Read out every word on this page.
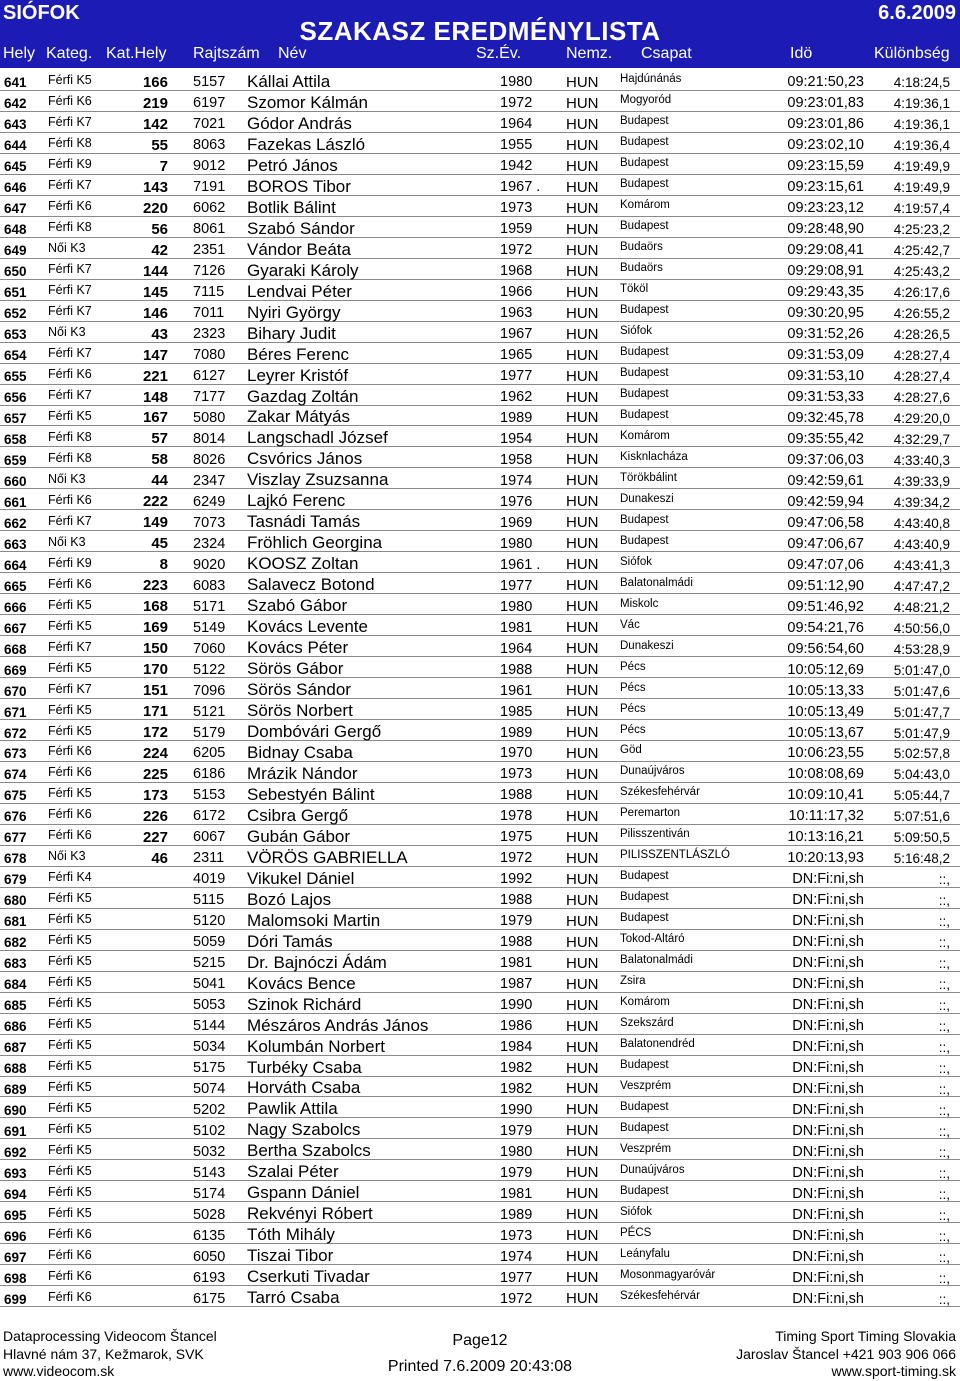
SIÓFOK	6.6.2009
SZAKASZ EREDMÉNYLISTA
Hely Kateg. Kat.Hely Rajtszám Név	Sz.Év.	Nemz. Csapat	Idö	Különbség
641	Férfi K5	166 5157 Kállai Attila	1980 HUN Hajdúnánás	09:21:50,23	4:18:24,5
642	Férfi K6	219 6197 Szomor Kálmán	1972 HUN Mogyoród	09:23:01,83	4:19:36,1
643	Férfi K7	142 7021 Gódor András	1964 HUN Budapest	09:23:01,86	4:19:36,1
644	Férfi K8	55 8063 Fazekas László	1955 HUN Budapest	09:23:02,10	4:19:36,4
645	Férfi K9	7 9012 Petró János	1942 HUN Budapest	09:23:15,59	4:19:49,9
646	Férfi K7	143 7191 BOROS Tibor	1967 . HUN Budapest	09:23:15,61	4:19:49,9
647	Férfi K6	220 6062 Botlik Bálint	1973 HUN Komárom	09:23:23,12	4:19:57,4
648	Férfi K8	56 8061 Szabó Sándor	1959 HUN Budapest	09:28:48,90	4:25:23,2
649	Női K3	42 2351 Vándor Beáta	1972 HUN Budaörs	09:29:08,41	4:25:42,7
650	Férfi K7	144 7126 Gyaraki Károly	1968 HUN Budaörs	09:29:08,91	4:25:43,2
651	Férfi K7	145 7115 Lendvai Péter	1966 HUN Tököl	09:29:43,35	4:26:17,6
652	Férfi K7	146 7011 Nyiri György	1963 HUN Budapest	09:30:20,95	4:26:55,2
653	Női K3	43 2323 Bihary Judit	1967 HUN Siófok	09:31:52,26	4:28:26,5
654	Férfi K7	147 7080 Béres Ferenc	1965 HUN Budapest	09:31:53,09	4:28:27,4
655	Férfi K6	221 6127 Leyrer Kristóf	1977 HUN Budapest	09:31:53,10	4:28:27,4
656	Férfi K7	148 7177 Gazdag Zoltán	1962 HUN Budapest	09:31:53,33	4:28:27,6
657	Férfi K5	167 5080 Zakar Mátyás	1989 HUN Budapest	09:32:45,78	4:29:20,0
658	Férfi K8	57 8014 Langschadl József	1954 HUN Komárom	09:35:55,42	4:32:29,7
659	Férfi K8	58 8026 Csvórics János	1958 HUN Kisknlacháza	09:37:06,03	4:33:40,3
660	Női K3	44 2347 Viszlay Zsuzsanna	1974 HUN Törökbálint	09:42:59,61	4:39:33,9
661	Férfi K6	222 6249 Lajkó Ferenc	1976 HUN Dunakeszi	09:42:59,94	4:39:34,2
662	Férfi K7	149 7073 Tasnádi Tamás	1969 HUN Budapest	09:47:06,58	4:43:40,8
663	Női K3	45 2324 Fröhlich Georgina	1980 HUN Budapest	09:47:06,67	4:43:40,9
664	Férfi K9	8 9020 KOOSZ Zoltan	1961 . HUN Siófok	09:47:07,06	4:43:41,3
665	Férfi K6	223 6083 Salavecz Botond	1977 HUN Balatonalmádi	09:51:12,90	4:47:47,2
666	Férfi K5	168 5171 Szabó Gábor	1980 HUN Miskolc	09:51:46,92	4:48:21,2
667	Férfi K5	169 5149 Kovács Levente	1981 HUN Vác	09:54:21,76	4:50:56,0
668	Férfi K7	150 7060 Kovács Péter	1964 HUN Dunakeszi	09:56:54,60	4:53:28,9
669	Férfi K5	170 5122 Sörös Gábor	1988 HUN Pécs	10:05:12,69	5:01:47,0
670	Férfi K7	151 7096 Sörös Sándor	1961 HUN Pécs	10:05:13,33	5:01:47,6
671	Férfi K5	171 5121 Sörös Norbert	1985 HUN Pécs	10:05:13,49	5:01:47,7
672	Férfi K5	172 5179 Dombóvári Gergő	1989 HUN Pécs	10:05:13,67	5:01:47,9
673	Férfi K6	224 6205 Bidnay Csaba	1970 HUN Göd	10:06:23,55	5:02:57,8
674	Férfi K6	225 6186 Mrázik Nándor	1973 HUN Dunaújváros	10:08:08,69	5:04:43,0
675	Férfi K5	173 5153 Sebestyén Bálint	1988 HUN Székesfehérvár	10:09:10,41	5:05:44,7
676	Férfi K6	226 6172 Csibra Gergő	1978 HUN Peremarton	10:11:17,32	5:07:51,6
677	Férfi K6	227 6067 Gubán Gábor	1975 HUN Pilisszentiván	10:13:16,21	5:09:50,5
678	Női K3	46 2311 VÖRÖS GABRIELLA	1972 HUN PILISSZENTLÁSZLÓ	10:20:13,93	5:16:48,2
679	Férfi K4	4019 Vikukel Dániel	1992 HUN Budapest	DN:Fi:ni,sh	::,
680	Férfi K5	5115 Bozó Lajos	1988 HUN Budapest	DN:Fi:ni,sh	::,
681	Férfi K5	5120 Malomsoki Martin	1979 HUN Budapest	DN:Fi:ni,sh	::,
682	Férfi K5	5059 Dóri Tamás	1988 HUN Tokod-Altáró	DN:Fi:ni,sh	::,
683	Férfi K5	5215 Dr. Bajnóczi Ádám	1981 HUN Balatonalmádi	DN:Fi:ni,sh	::,
684	Férfi K5	5041 Kovács Bence	1987 HUN Zsira	DN:Fi:ni,sh	::,
685	Férfi K5	5053 Szinok Richárd	1990 HUN Komárom	DN:Fi:ni,sh	::,
686	Férfi K5	5144 Mészáros András János	1986 HUN Szekszárd	DN:Fi:ni,sh	::,
687	Férfi K5	5034 Kolumbán Norbert	1984 HUN Balatonendréd	DN:Fi:ni,sh	::,
688	Férfi K5	5175 Turbéky Csaba	1982 HUN Budapest	DN:Fi:ni,sh	::,
689	Férfi K5	5074 Horváth Csaba	1982 HUN Veszprém	DN:Fi:ni,sh	::,
690	Férfi K5	5202 Pawlik Attila	1990 HUN Budapest	DN:Fi:ni,sh	::,
691	Férfi K5	5102 Nagy Szabolcs	1979 HUN Budapest	DN:Fi:ni,sh	::,
692	Férfi K5	5032 Bertha Szabolcs	1980 HUN Veszprém	DN:Fi:ni,sh	::,
693	Férfi K5	5143 Szalai Péter	1979 HUN Dunaújváros	DN:Fi:ni,sh	::,
694	Férfi K5	5174 Gspann Dániel	1981 HUN Budapest	DN:Fi:ni,sh	::,
695	Férfi K5	5028 Rekvényi Róbert	1989 HUN Siófok	DN:Fi:ni,sh	::,
696	Férfi K6	6135 Tóth Mihály	1973 HUN PÉCS	DN:Fi:ni,sh	::,
697	Férfi K6	6050 Tiszai Tibor	1974 HUN Leányfalu	DN:Fi:ni,sh	::,
698	Férfi K6	6193 Cserkuti Tivadar	1977 HUN Mosonmagyaróvár	DN:Fi:ni,sh	::,
699	Férfi K6	6175 Tarró Csaba	1972 HUN Székesfehérvár	DN:Fi:ni,sh	::,
Dataprocessing Videocom Štancel
Hlavné nám 37, Kežmarok, SVK
www.videocom.sk
Page12
Printed 7.6.2009 20:43:08
Timing Sport Timing Slovakia
Jaroslav Štancel +421 903 906 066
www.sport-timing.sk
